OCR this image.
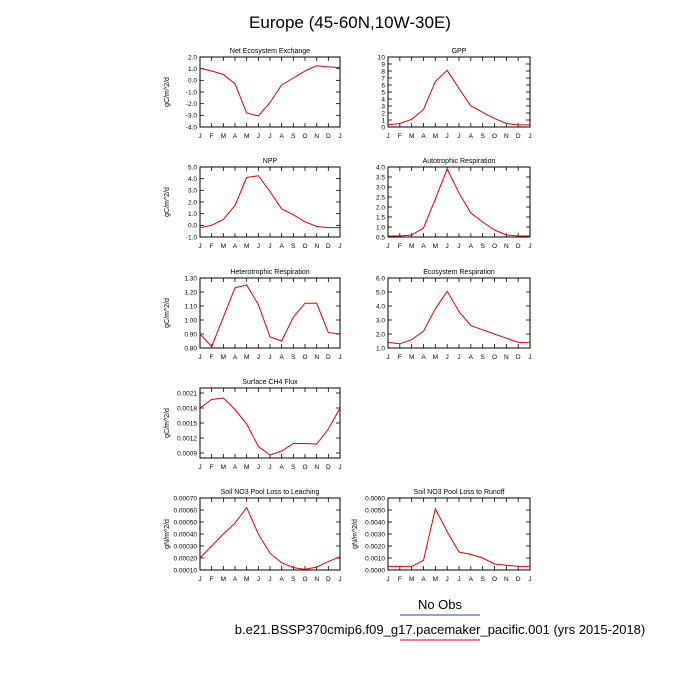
Europe (45-60N,10W-30E)
Net Ecosystem Exchange
2.0
1.0
0.0
-1.0
-2.0
-3.0
-4.0
J F M A M J J A S O N D J
gC/m^2/d
GPP
10
9
8
7
6
5
4
3
2
1
0
J F M A M J J A S O N D J
NPP
5.0
4.0
3.0
2.0
1.0
0.0
-1.0
J F M A M J J A S O N D J
gC/m^2/d
Autotrophic Respiration
4.0
3.5
3.0
2.5
2.0
1.5
1.0
0.5
J F M A M J J A S O N D J
Heterotrophic Respiration
1.30
1.20
1.10
1.00
0.90
0.80
J F M A M J J A S O N D J
gC/m^2/d
Ecosystem Respiration
6.0
5.0
4.0
3.0
2.0
1.0
J F M A M J J A S O N D J
Surface CH4 Flux
0.0021
0.0018
0.0015
0.0012
0.0009
J F M A M J J A S O N D J
gC/m^2/d
Soil NO3 Pool Loss to Leaching
0.00070
0.00060
0.00050
0.00040
0.00030
0.00020
0.00010
J F M A M J J A S O N D J
gN/m^2/d
Soil NO3 Pool Loss to Runoff
0.0060
0.0050
0.0040
0.0030
0.0020
0.0010
0.0000
J F M A M J J A S O N D J
gN/m^2/d
No Obs
b.e21.BSSP370cmip6.f09_g17.pacemaker_pacific.001 (yrs 2015-2018)
